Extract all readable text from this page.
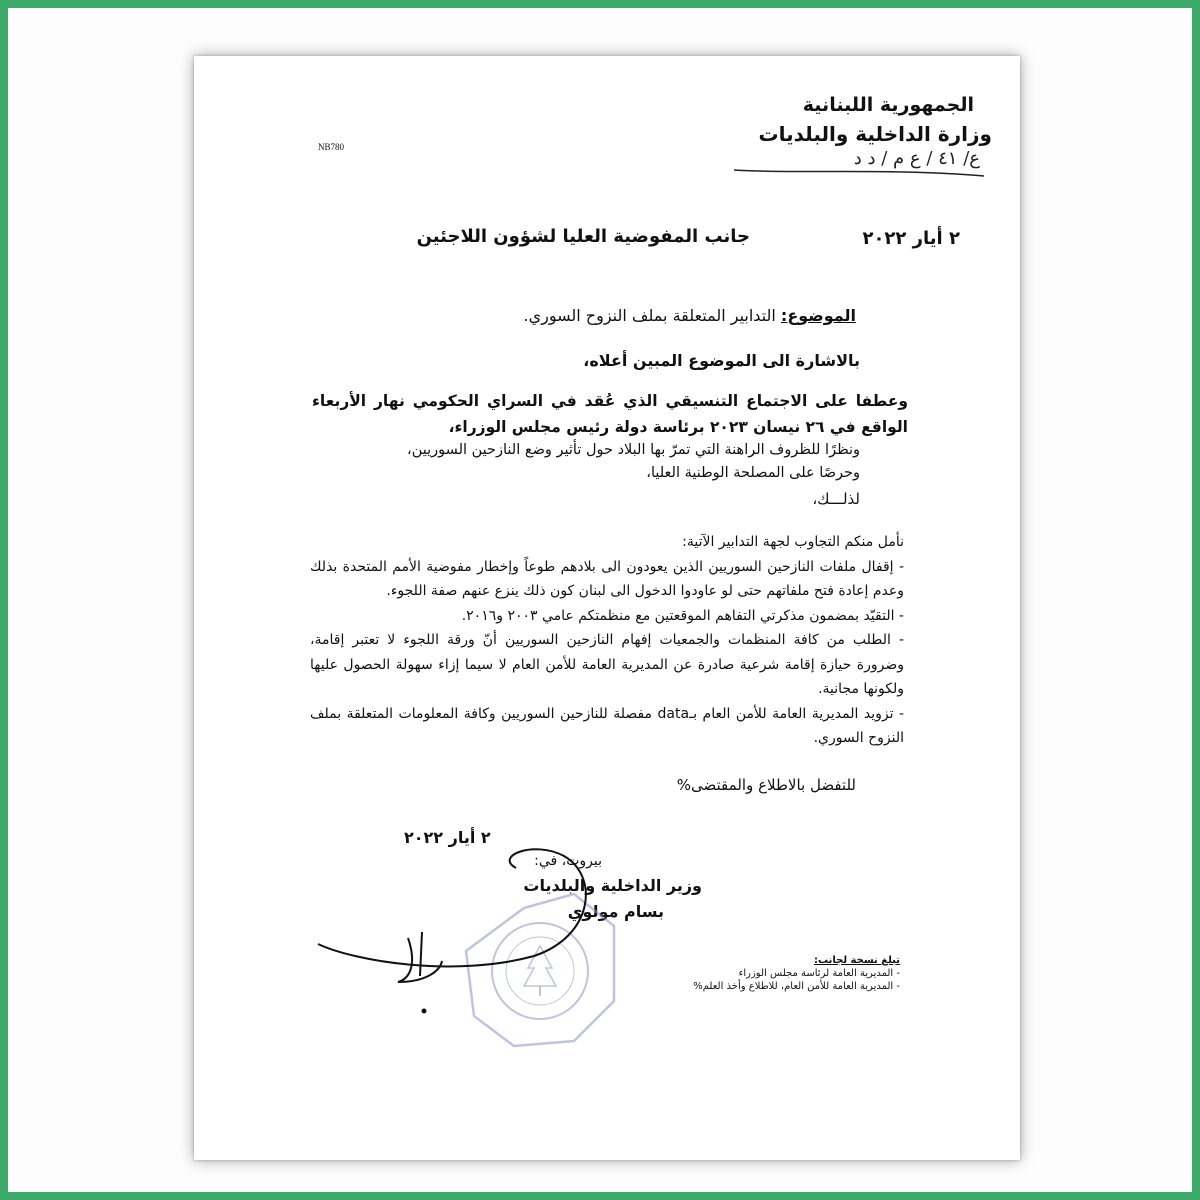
الجمهورية اللبنانية
وزارة الداخلية والبلديات
ع/ ٤١ / ع م / د د
NB780
٢ أيار ٢٠٢٢
جانب المفوضية العليا لشؤون اللاجئين
الموضوع: التدابير المتعلقة بملف النزوح السوري.
بالاشارة الى الموضوع المبين أعلاه،
وعطفا على الاجتماع التنسيقي الذي عُقد في السراي الحكومي نهار الأربعاء الواقع في ٢٦ نيسان ٢٠٢٣ برئاسة دولة رئيس مجلس الوزراء،
ونظرًا للظروف الراهنة التي تمرّ بها البلاد حول تأثير وضع النازحين السوريين،
وحرصًا على المصلحة الوطنية العليا،
لذلـــك،
نأمل منكم التجاوب لجهة التدابير الآتية:
- إقفال ملفات النازحين السوريين الذين يعودون الى بلادهم طوعاً وإخطار مفوضية الأمم المتحدة بذلك وعدم إعادة فتح ملفاتهم حتى لو عاودوا الدخول الى لبنان كون ذلك ينزع عنهم صفة اللجوء.
- التقيّد بمضمون مذكرتي التفاهم الموقعتين مع منظمتكم عامي ٢٠٠٣ و٢٠١٦.
- الطلب من كافة المنظمات والجمعيات إفهام النازحين السوريين أنّ ورقة اللجوء لا تعتبر إقامة، وضرورة حيازة إقامة شرعية صادرة عن المديرية العامة للأمن العام لا سيما إزاء سهولة الحصول عليها ولكونها مجانية.
- تزويد المديرية العامة للأمن العام بـdata مفصلة للنازحين السوريين وكافة المعلومات المتعلقة بملف النزوح السوري.
للتفضل بالاطلاع والمقتضى%
٢ أيار ٢٠٢٢
بيروت، في:
وزير الداخلية والبلديات
بسام مولوي
تبلغ نسخة لجانب:
- المديرية العامة لرئاسة مجلس الوزراء
- المديرية العامة للأمن العام، للاطلاع وأخذ العلم%
